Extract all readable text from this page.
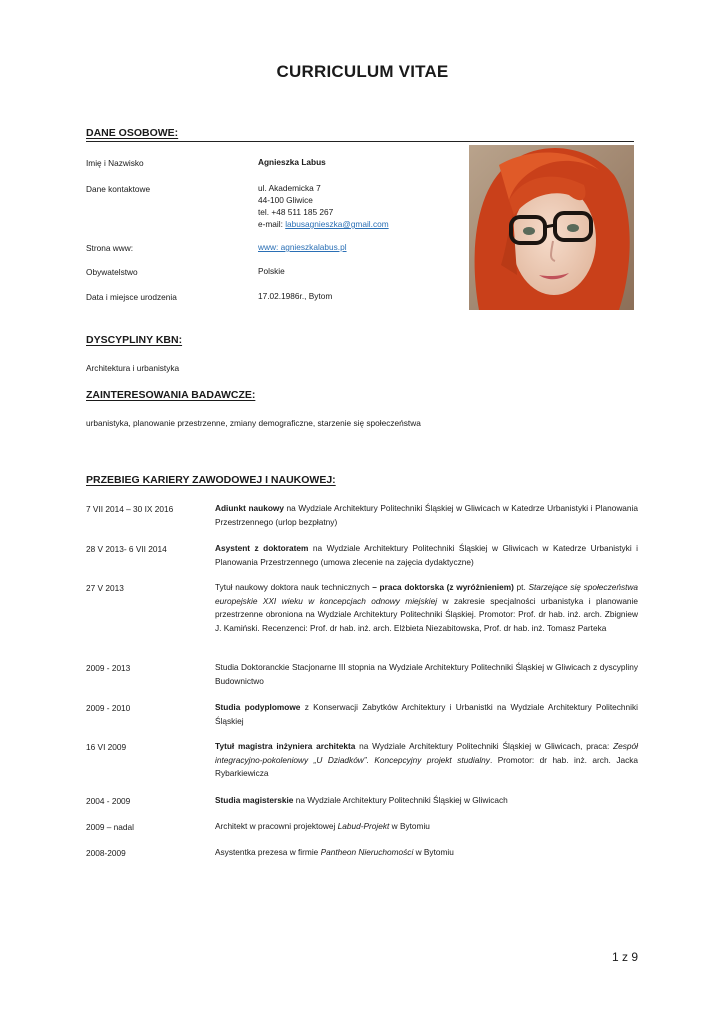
CURRICULUM VITAE
DANE OSOBOWE:
Imię i Nazwisko	Agnieszka Labus
Dane kontaktowe	ul. Akademicka 7
44-100 Gliwice
tel. +48 511 185 267
e-mail: labusagnieszka@gmail.com
Strona www:	www: agnieszkalabus.pl
Obywatelstwo	Polskie
Data i miejsce urodzenia	17.02.1986r., Bytom
DYSCYPLINY KBN:
Architektura i urbanistyka
ZAINTERESOWANIA BADAWCZE:
urbanistyka, planowanie przestrzenne, zmiany demograficzne, starzenie się społeczeństwa
PRZEBIEG KARIERY ZAWODOWEJ I NAUKOWEJ:
7 VII 2014 – 30 IX 2016	Adiunkt naukowy na Wydziale Architektury Politechniki Śląskiej w Gliwicach w Katedrze Urbanistyki i Planowania Przestrzennego (urlop bezpłatny)
28 V 2013- 6 VII 2014	Asystent z doktoratem na Wydziale Architektury Politechniki Śląskiej w Gliwicach w Katedrze Urbanistyki i Planowania Przestrzennego (umowa zlecenie na zajęcia dydaktyczne)
27 V 2013	Tytuł naukowy doktora nauk technicznych – praca doktorska (z wyróżnieniem) pt. Starzejące się społeczeństwa europejskie XXI wieku w koncepcjach odnowy miejskiej w zakresie specjalności urbanistyka i planowanie przestrzenne obroniona na Wydziale Architektury Politechniki Śląskiej. Promotor: Prof. dr hab. inż. arch. Zbigniew J. Kamiński. Recenzenci: Prof. dr hab. inż. arch. Elżbieta Niezabitowska, Prof. dr hab. inż. Tomasz Parteka
2009 - 2013	Studia Doktoranckie Stacjonarne III stopnia na Wydziale Architektury Politechniki Śląskiej w Gliwicach z dyscypliny Budownictwo
2009 - 2010	Studia podyplomowe z Konserwacji Zabytków Architektury i Urbanistki na Wydziale Architektury Politechniki Śląskiej
16 VI 2009	Tytuł magistra inżyniera architekta na Wydziale Architektury Politechniki Śląskiej w Gliwicach, praca: Zespół integracyjno-pokoleniowy „U Dziadków”. Koncepcyjny projekt studialny. Promotor: dr hab. inż. arch. Jacka Rybarkiewicza
2004 - 2009	Studia magisterskie na Wydziale Architektury Politechniki Śląskiej w Gliwicach
2009 – nadal	Architekt w pracowni projektowej Labud-Projekt w Bytomiu
2008-2009	Asystentka prezesa w firmie Pantheon Nieruchomości w Bytomiu
1 z 9
